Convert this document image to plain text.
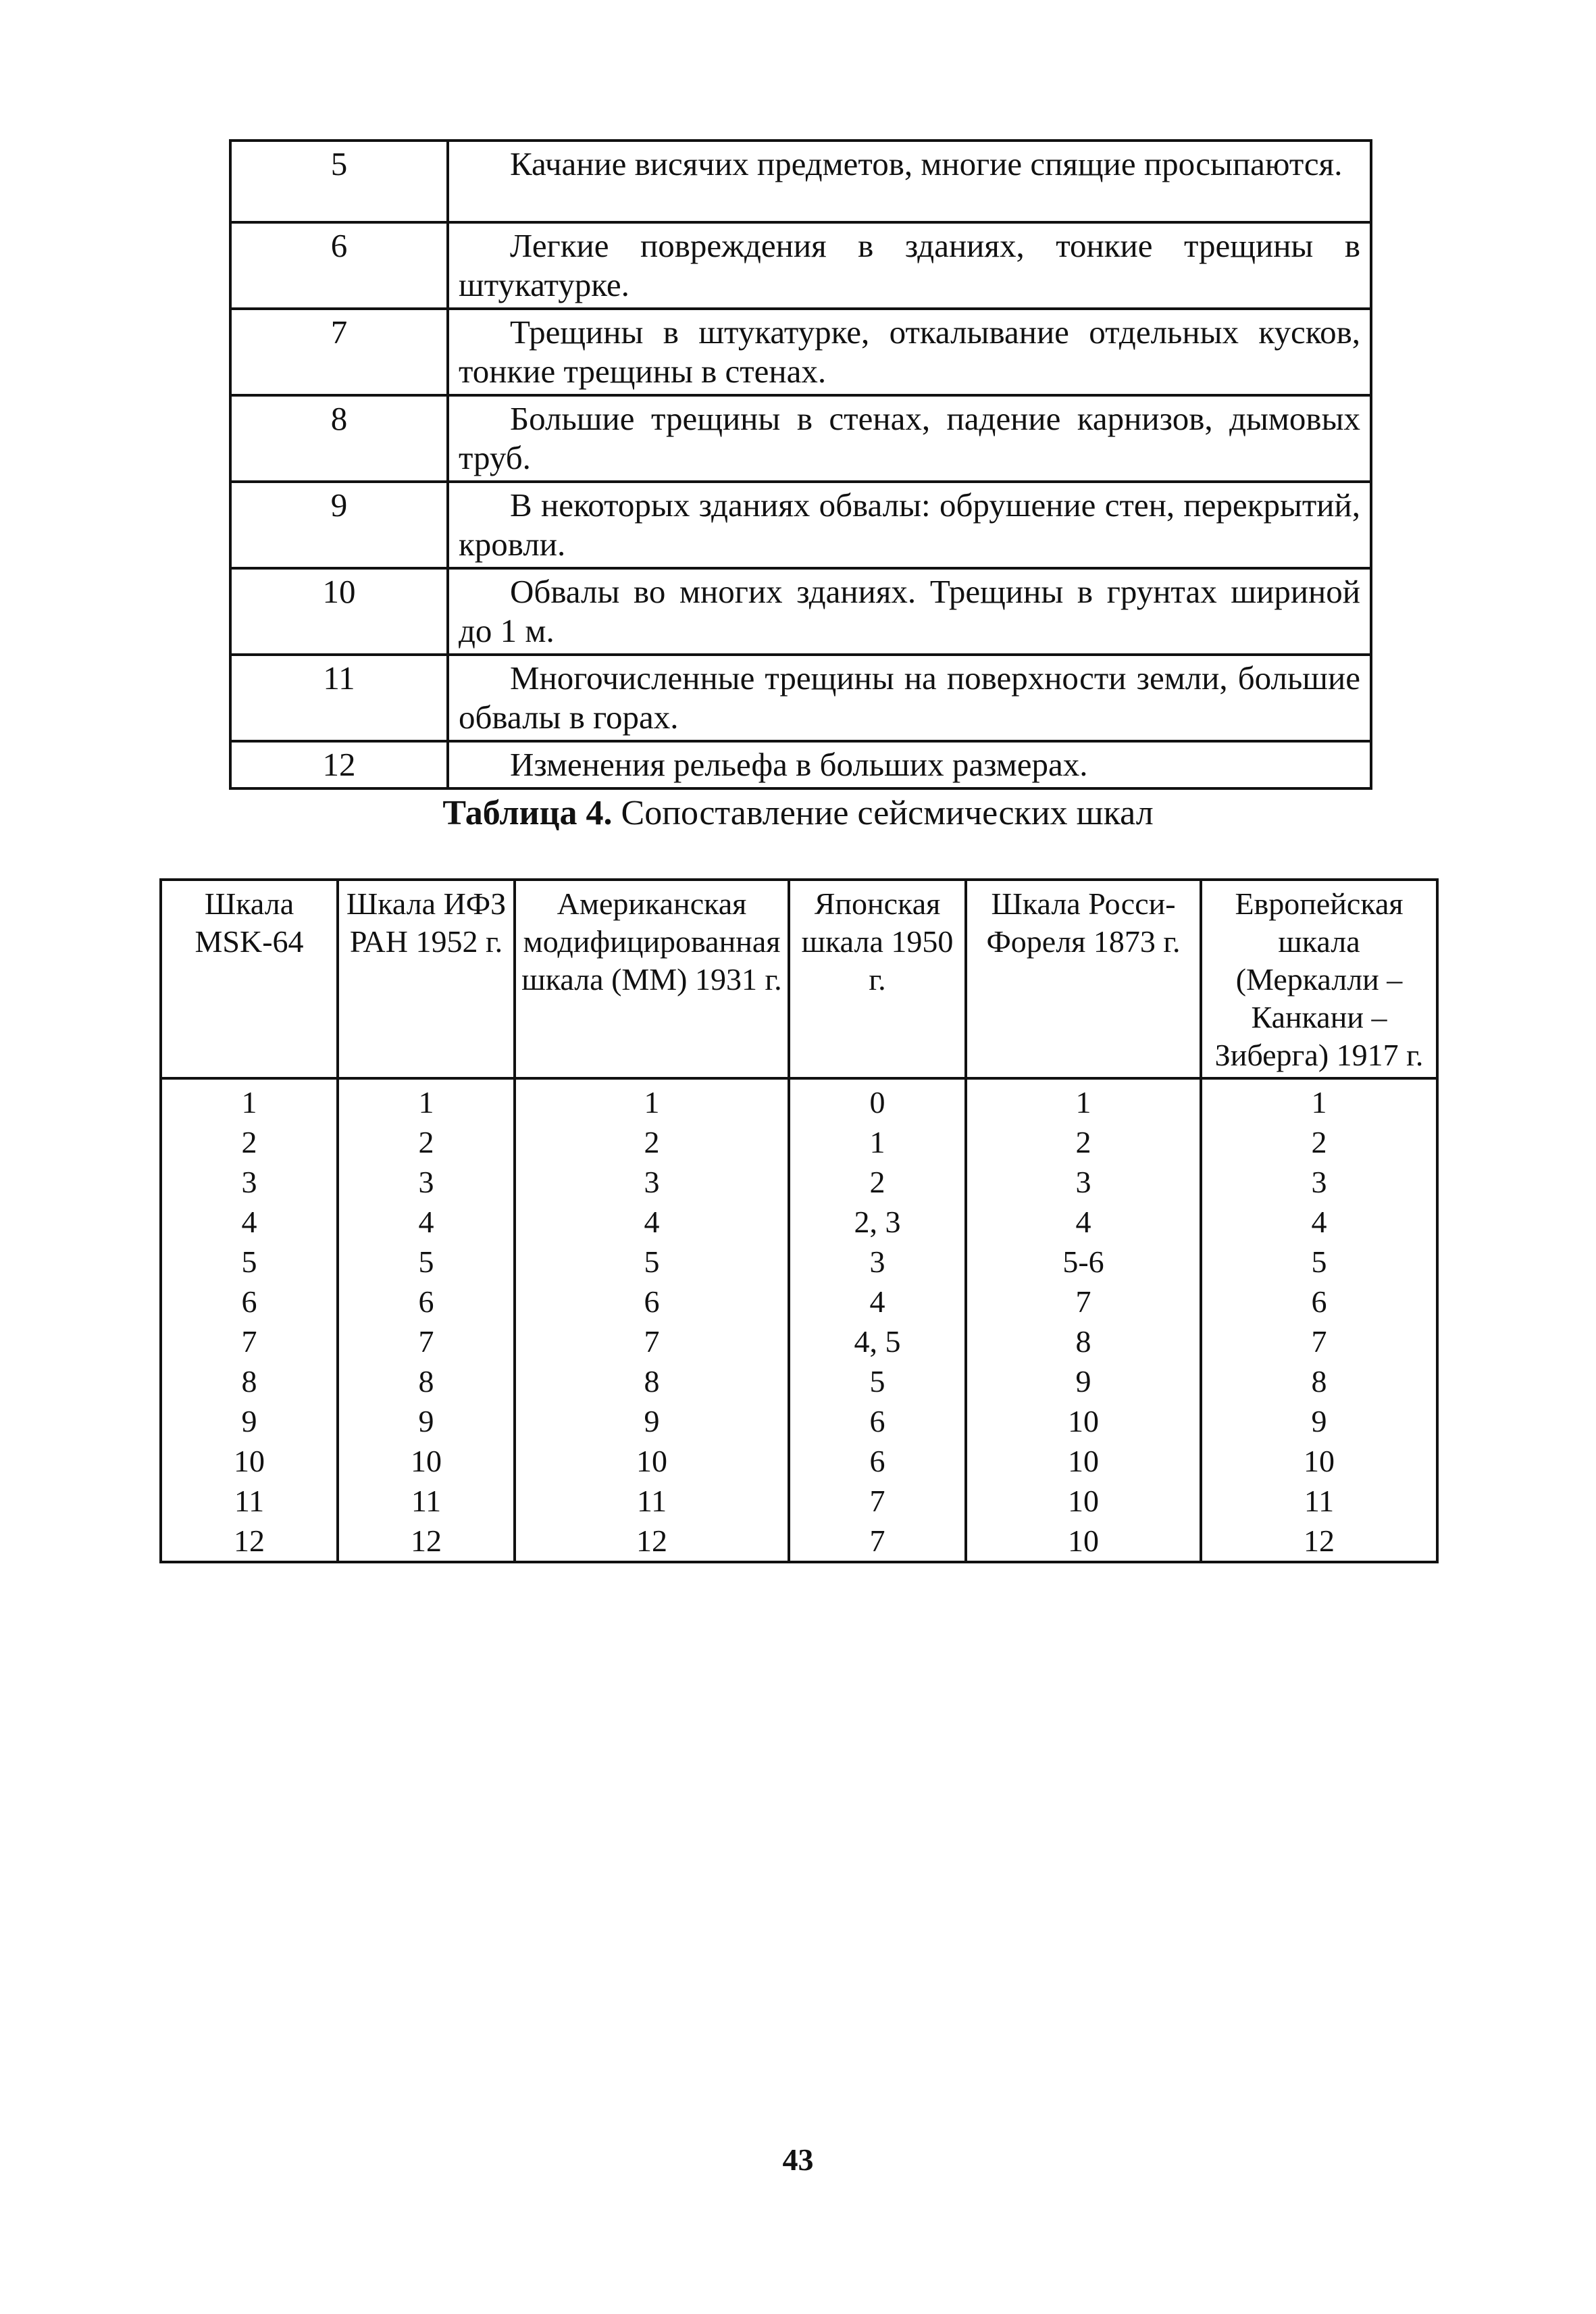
5	Качание висячих предметов, многие спящие просыпаются.

6	Легкие повреждения в зданиях, тонкие трещины в штукатурке.

7	Трещины в штукатурке, откалывание отдельных кусков, тонкие трещины в стенах.

8	Большие трещины в стенах, падение карнизов, дымовых труб.

9	В некоторых зданиях обвалы: обрушение стен, перекрытий, кровли.

10	Обвалы во многих зданиях. Трещины в грунтах шириной до 1 м.

11	Многочисленные трещины на поверхности земли, большие обвалы в горах.

12	Изменения рельефа в больших размерах.
Таблица 4. Сопоставление сейсмических шкал
Шкала MSK-64	Шкала ИФЗ РАН 1952 г.	Американская модифицированная шкала (ММ) 1931 г.	Японская шкала 1950 г.	Шкала Росси-Фореля 1873 г.	Европейская шкала (Меркалли – Канкани – Зиберга) 1917 г.
1	1	1	0	1	1
2	2	2	1	2	2
3	3	3	2	3	3
4	4	4	2, 3	4	4
5	5	5	3	5-6	5
6	6	6	4	7	6
7	7	7	4, 5	8	7
8	8	8	5	9	8
9	9	9	6	10	9
10	10	10	6	10	10
11	11	11	7	10	11
12	12	12	7	10	12
43
